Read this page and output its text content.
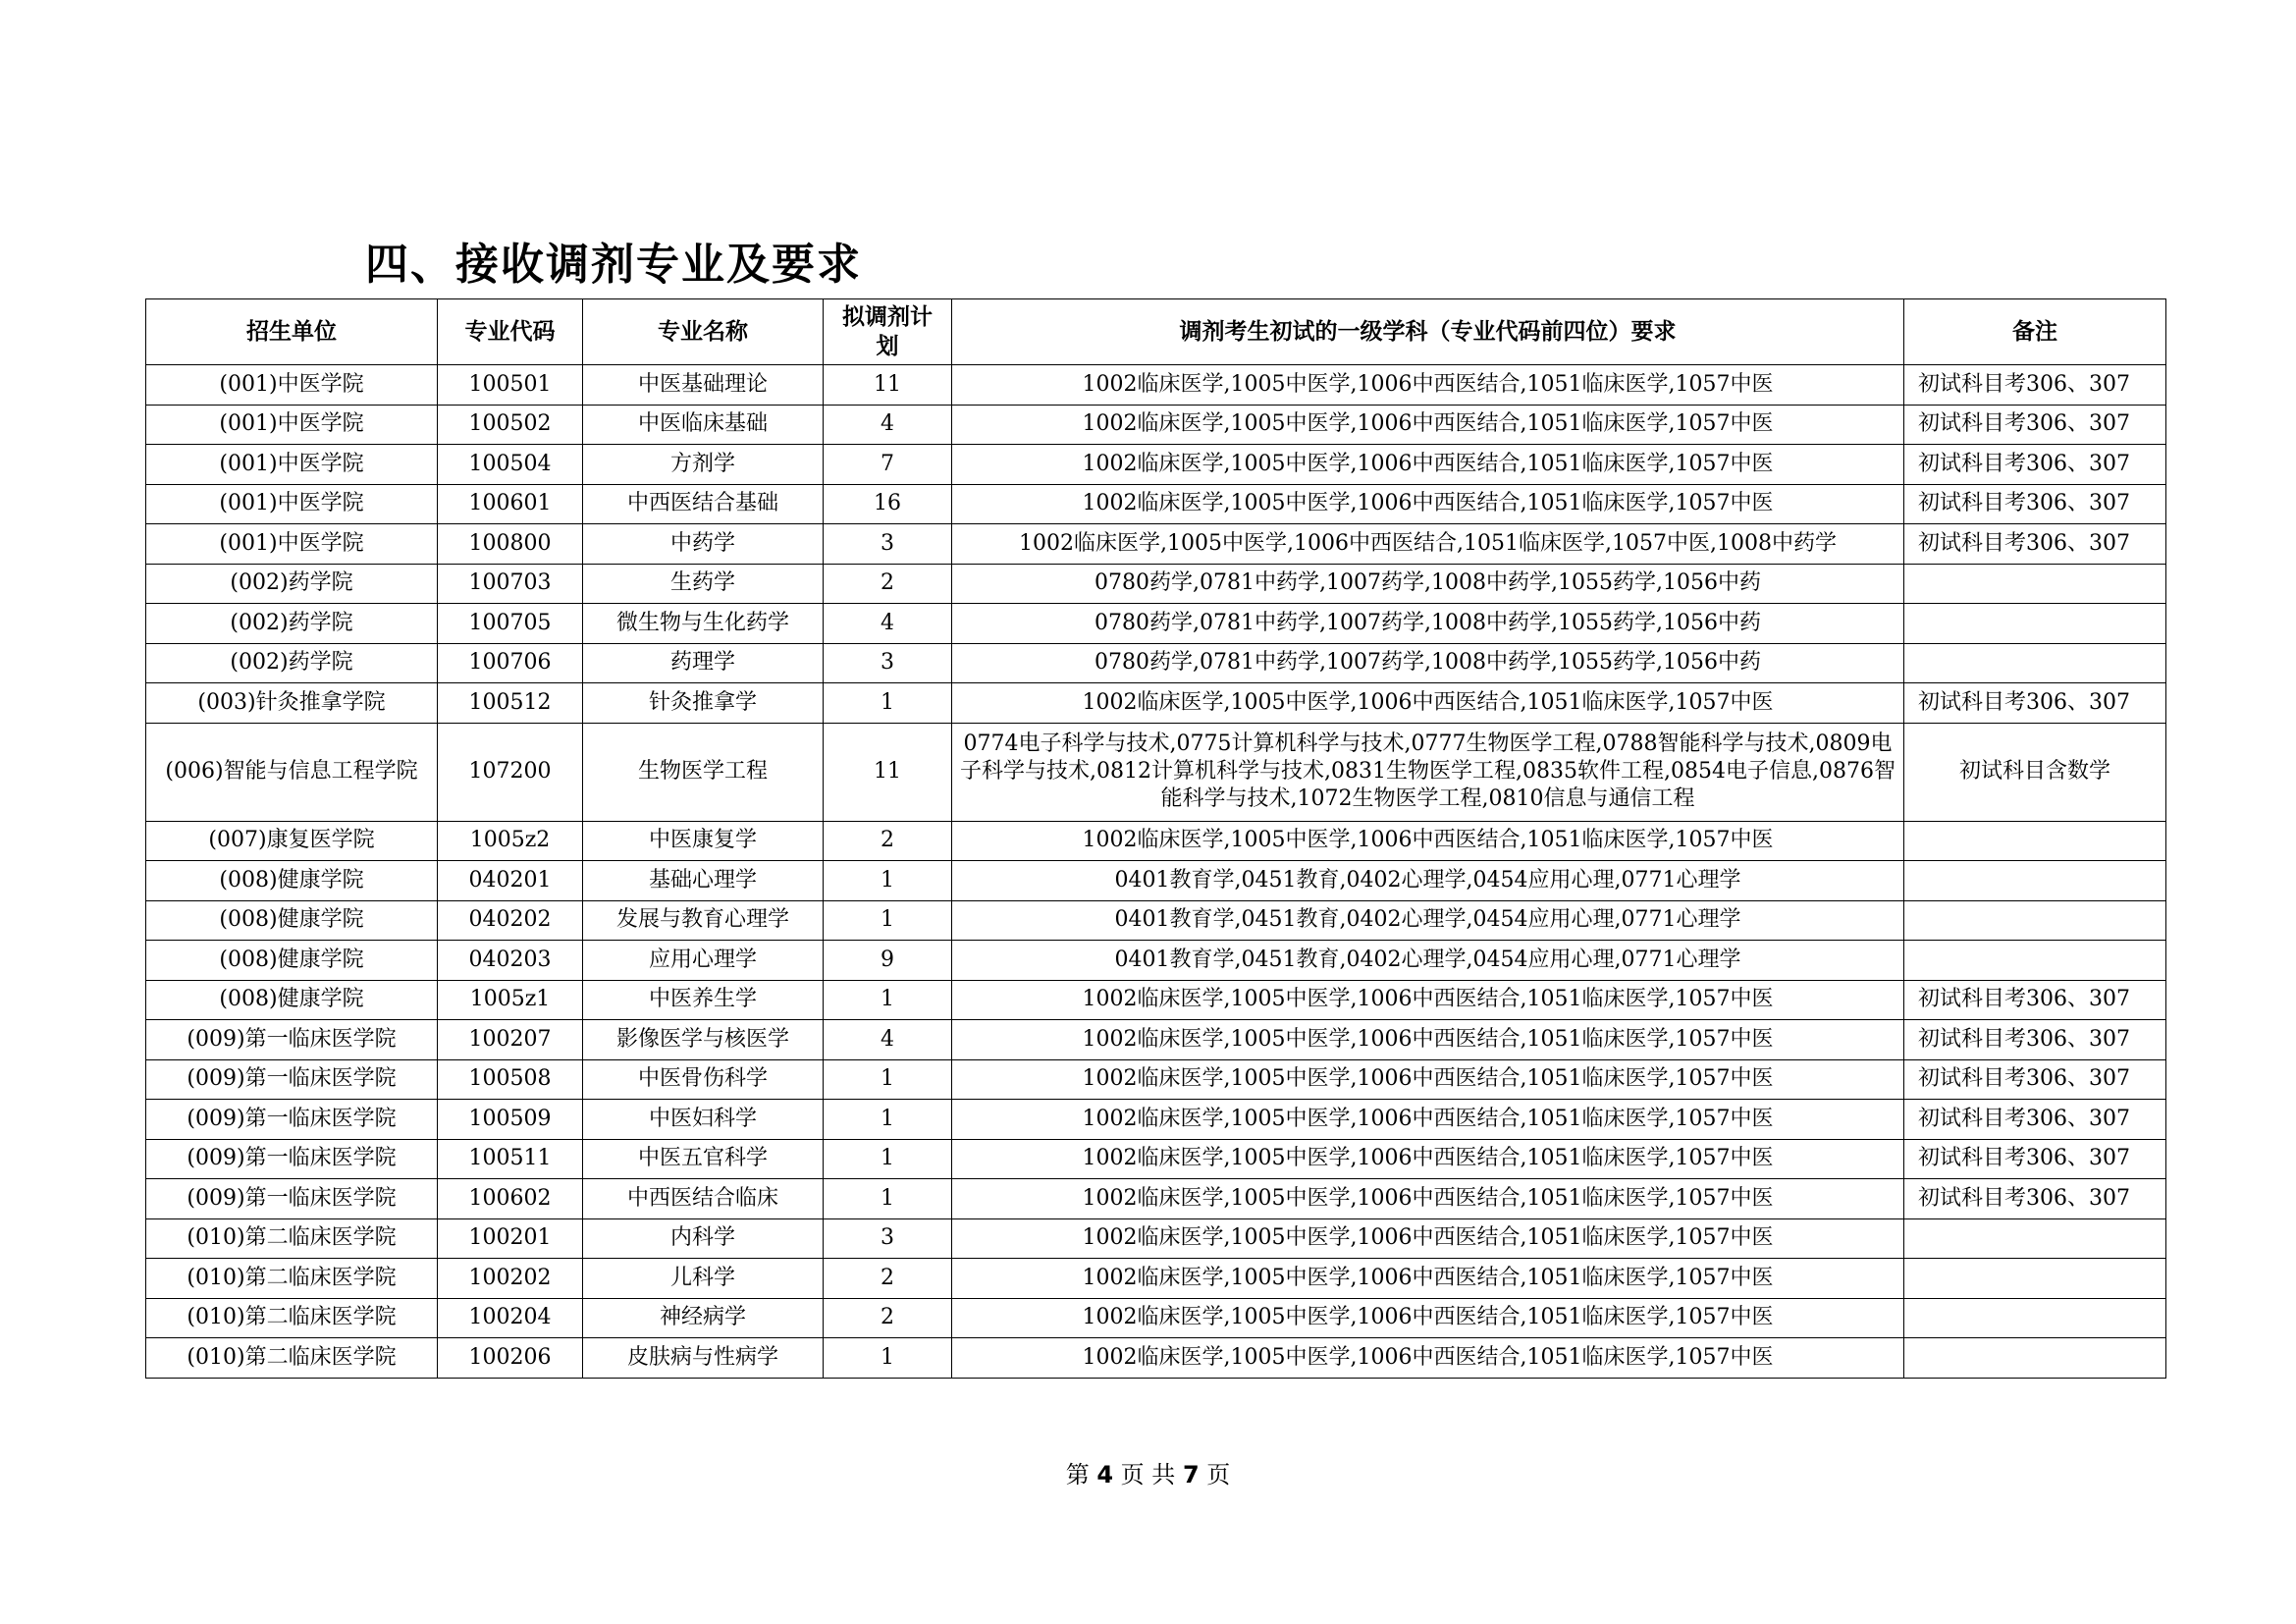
四、接收调剂专业及要求
招生单位	专业代码	专业名称	拟调剂计划	调剂考生初试的一级学科（专业代码前四位）要求	备注
(001)中医学院	100501	中医基础理论	11	1002临床医学,1005中医学,1006中西医结合,1051临床医学,1057中医	初试科目考306、307
(001)中医学院	100502	中医临床基础	4	1002临床医学,1005中医学,1006中西医结合,1051临床医学,1057中医	初试科目考306、307
(001)中医学院	100504	方剂学	7	1002临床医学,1005中医学,1006中西医结合,1051临床医学,1057中医	初试科目考306、307
(001)中医学院	100601	中西医结合基础	16	1002临床医学,1005中医学,1006中西医结合,1051临床医学,1057中医	初试科目考306、307
(001)中医学院	100800	中药学	3	1002临床医学,1005中医学,1006中西医结合,1051临床医学,1057中医,1008中药学	初试科目考306、307
(002)药学院	100703	生药学	2	0780药学,0781中药学,1007药学,1008中药学,1055药学,1056中药	
(002)药学院	100705	微生物与生化药学	4	0780药学,0781中药学,1007药学,1008中药学,1055药学,1056中药	
(002)药学院	100706	药理学	3	0780药学,0781中药学,1007药学,1008中药学,1055药学,1056中药	
(003)针灸推拿学院	100512	针灸推拿学	1	1002临床医学,1005中医学,1006中西医结合,1051临床医学,1057中医	初试科目考306、307
(006)智能与信息工程学院	107200	生物医学工程	11	0774电子科学与技术,0775计算机科学与技术,0777生物医学工程,0788智能科学与技术,0809电子科学与技术,0812计算机科学与技术,0831生物医学工程,0835软件工程,0854电子信息,0876智能科学与技术,1072生物医学工程,0810信息与通信工程	初试科目含数学
(007)康复医学院	1005z2	中医康复学	2	1002临床医学,1005中医学,1006中西医结合,1051临床医学,1057中医	
(008)健康学院	040201	基础心理学	1	0401教育学,0451教育,0402心理学,0454应用心理,0771心理学	
(008)健康学院	040202	发展与教育心理学	1	0401教育学,0451教育,0402心理学,0454应用心理,0771心理学	
(008)健康学院	040203	应用心理学	9	0401教育学,0451教育,0402心理学,0454应用心理,0771心理学	
(008)健康学院	1005z1	中医养生学	1	1002临床医学,1005中医学,1006中西医结合,1051临床医学,1057中医	初试科目考306、307
(009)第一临床医学院	100207	影像医学与核医学	4	1002临床医学,1005中医学,1006中西医结合,1051临床医学,1057中医	初试科目考306、307
(009)第一临床医学院	100508	中医骨伤科学	1	1002临床医学,1005中医学,1006中西医结合,1051临床医学,1057中医	初试科目考306、307
(009)第一临床医学院	100509	中医妇科学	1	1002临床医学,1005中医学,1006中西医结合,1051临床医学,1057中医	初试科目考306、307
(009)第一临床医学院	100511	中医五官科学	1	1002临床医学,1005中医学,1006中西医结合,1051临床医学,1057中医	初试科目考306、307
(009)第一临床医学院	100602	中西医结合临床	1	1002临床医学,1005中医学,1006中西医结合,1051临床医学,1057中医	初试科目考306、307
(010)第二临床医学院	100201	内科学	3	1002临床医学,1005中医学,1006中西医结合,1051临床医学,1057中医	
(010)第二临床医学院	100202	儿科学	2	1002临床医学,1005中医学,1006中西医结合,1051临床医学,1057中医	
(010)第二临床医学院	100204	神经病学	2	1002临床医学,1005中医学,1006中西医结合,1051临床医学,1057中医	
(010)第二临床医学院	100206	皮肤病与性病学	1	1002临床医学,1005中医学,1006中西医结合,1051临床医学,1057中医	
第 4 页 共 7 页
